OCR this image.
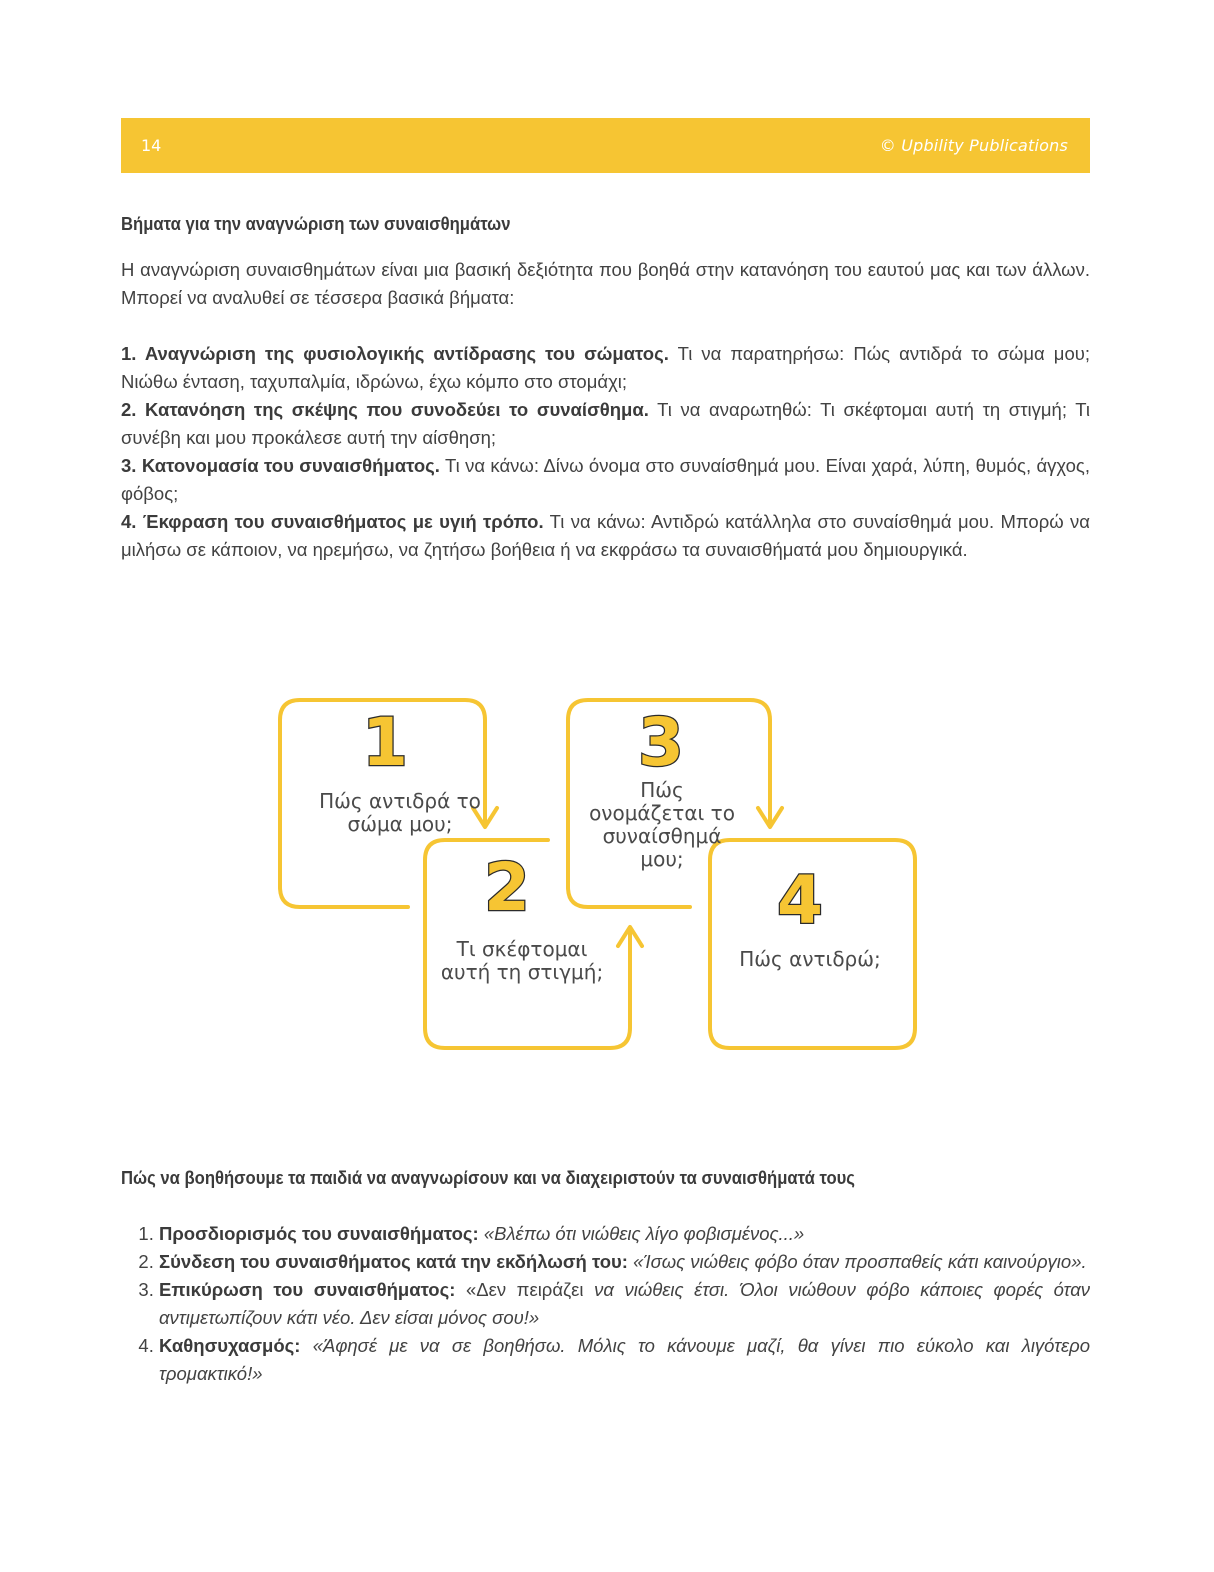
14	© Upbility Publications
Βήματα για την αναγνώριση των συναισθημάτων
Η αναγνώριση συναισθημάτων είναι μια βασική δεξιότητα που βοηθά στην κατανόηση του εαυτού μας και των άλλων. Μπορεί να αναλυθεί σε τέσσερα βασικά βήματα:

1. Αναγνώριση της φυσιολογικής αντίδρασης του σώματος. Τι να παρατηρήσω: Πώς αντιδρά το σώμα μου; Νιώθω ένταση, ταχυπαλμία, ιδρώνω, έχω κόμπο στο στομάχι;

2. Κατανόηση της σκέψης που συνοδεύει το συναίσθημα. Τι να αναρωτηθώ: Τι σκέφτομαι αυτή τη στιγμή; Τι συνέβη και μου προκάλεσε αυτή την αίσθηση;

3. Κατονομασία του συναισθήματος. Τι να κάνω: Δίνω όνομα στο συναίσθημά μου. Είναι χαρά, λύπη, θυμός, άγχος, φόβος;

4. Έκφραση του συναισθήματος με υγιή τρόπο. Τι να κάνω: Αντιδρώ κατάλληλα στο συναίσθημά μου. Μπορώ να μιλήσω σε κάποιον, να ηρεμήσω, να ζητήσω βοήθεια ή να εκφράσω τα συναισθήματά μου δημιουργικά.

1
Πώς αντιδρά το σώμα μου;
2
Τι σκέφτομαι αυτή τη στιγμή;
3
Πώς ονομάζεται το συναίσθημά μου;
4
Πώς αντιδρώ;
Πώς να βοηθήσουμε τα παιδιά να αναγνωρίσουν και να διαχειριστούν τα συναισθήματά τους
1. Προσδιορισμός του συναισθήματος: «Βλέπω ότι νιώθεις λίγο φοβισμένος...»
2. Σύνδεση του συναισθήματος κατά την εκδήλωσή του: «Ίσως νιώθεις φόβο όταν προσπαθείς κάτι καινούργιο».
3. Επικύρωση του συναισθήματος: «Δεν πειράζει να νιώθεις έτσι. Όλοι νιώθουν φόβο κάποιες φορές όταν αντιμετωπίζουν κάτι νέο. Δεν είσαι μόνος σου!»
4. Καθησυχασμός: «Άφησέ με να σε βοηθήσω. Μόλις το κάνουμε μαζί, θα γίνει πιο εύκολο και λιγότερο τρομακτικό!»
